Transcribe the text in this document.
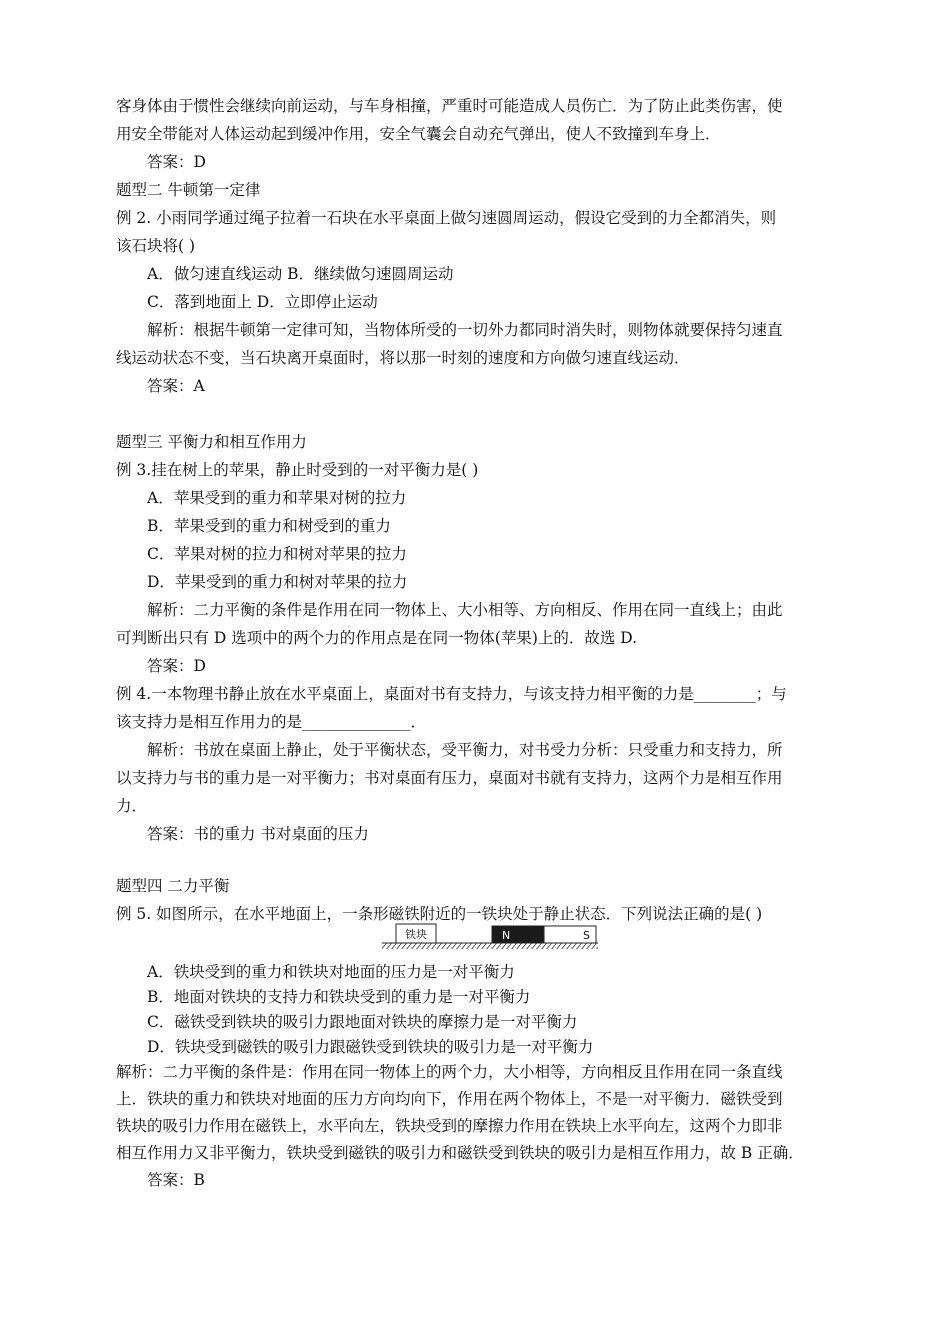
客身体由于惯性会继续向前运动，与车身相撞，严重时可能造成人员伤亡．为了防止此类伤害，使
用安全带能对人体运动起到缓冲作用，安全气囊会自动充气弹出，使人不致撞到车身上．
答案：D
题型二 牛顿第一定律
例 2. 小雨同学通过绳子拉着一石块在水平桌面上做匀速圆周运动，假设它受到的力全都消失，则
该石块将( )
A．做匀速直线运动 B．继续做匀速圆周运动
C．落到地面上 D．立即停止运动
解析：根据牛顿第一定律可知，当物体所受的一切外力都同时消失时，则物体就要保持匀速直
线运动状态不变，当石块离开桌面时，将以那一时刻的速度和方向做匀速直线运动．
答案：A
题型三 平衡力和相互作用力
例 3.挂在树上的苹果，静止时受到的一对平衡力是( )
A．苹果受到的重力和苹果对树的拉力
B．苹果受到的重力和树受到的重力
C．苹果对树的拉力和树对苹果的拉力
D．苹果受到的重力和树对苹果的拉力
解析：二力平衡的条件是作用在同一物体上、大小相等、方向相反、作用在同一直线上；由此
可判断出只有 D 选项中的两个力的作用点是在同一物体(苹果)上的．故选 D.
答案：D
例 4.一本物理书静止放在水平桌面上，桌面对书有支持力，与该支持力相平衡的力是________；与
该支持力是相互作用力的是______________．
解析：书放在桌面上静止，处于平衡状态，受平衡力，对书受力分析：只受重力和支持力，所
以支持力与书的重力是一对平衡力；书对桌面有压力，桌面对书就有支持力，这两个力是相互作用
力．
答案：书的重力 书对桌面的压力
题型四 二力平衡
例 5. 如图所示，在水平地面上，一条形磁铁附近的一铁块处于静止状态．下列说法正确的是( )
铁块	N	S
A．铁块受到的重力和铁块对地面的压力是一对平衡力
B．地面对铁块的支持力和铁块受到的重力是一对平衡力
C．磁铁受到铁块的吸引力跟地面对铁块的摩擦力是一对平衡力
D．铁块受到磁铁的吸引力跟磁铁受到铁块的吸引力是一对平衡力
解析：二力平衡的条件是：作用在同一物体上的两个力，大小相等，方向相反且作用在同一条直线
上．铁块的重力和铁块对地面的压力方向均向下，作用在两个物体上，不是一对平衡力．磁铁受到
铁块的吸引力作用在磁铁上，水平向左，铁块受到的摩擦力作用在铁块上水平向左，这两个力即非
相互作用力又非平衡力，铁块受到磁铁的吸引力和磁铁受到铁块的吸引力是相互作用力，故 B 正确．
答案：B
